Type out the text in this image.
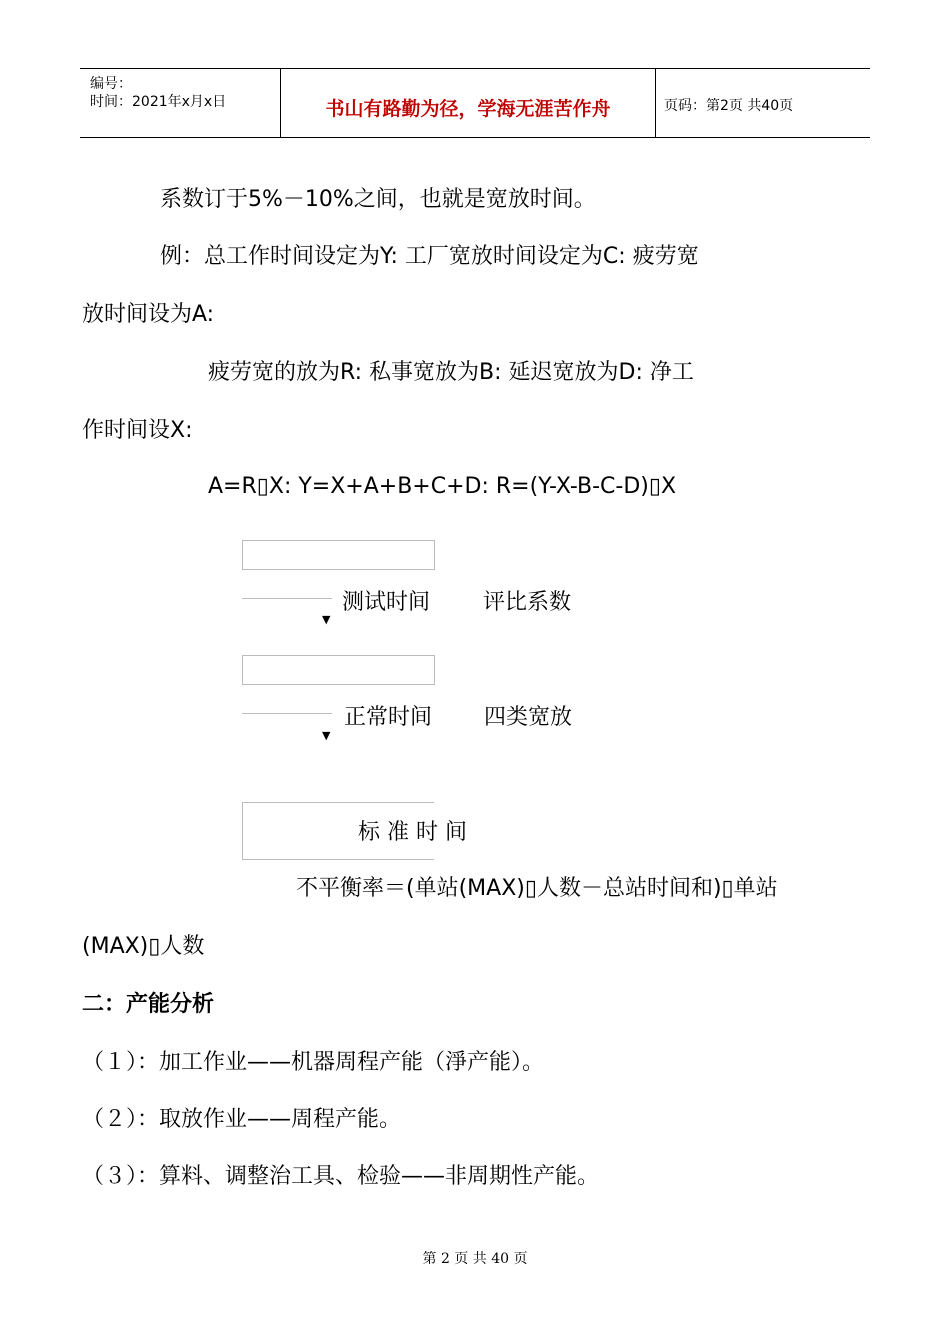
编号：
时间：2021年x月x日	书山有路勤为径，学海无涯苦作舟	页码：第2页 共40页
系数订于5%－10%之间，也就是宽放时间。
例：总工作时间设定为Y: 工厂宽放时间设定为C: 疲劳宽
放时间设为A:
疲劳宽的放为R: 私事宽放为B: 延迟宽放为D: 净工
作时间设X:
A=R▯X: Y=X+A+B+C+D: R=(Y-X-B-C-D)▯X
▼
测试时间 评比系数
▼
正常时间 四类宽放
标 准 时 间
不平衡率＝(单站(MAX)▯人数－总站时间和)▯单站
(MAX)▯人数
二：产能分析
（１）：加工作业——机器周程产能（淨产能）。
（２）：取放作业——周程产能。
（３）：算料、调整治工具、检验——非周期性产能。
第 2 页 共 40 页
